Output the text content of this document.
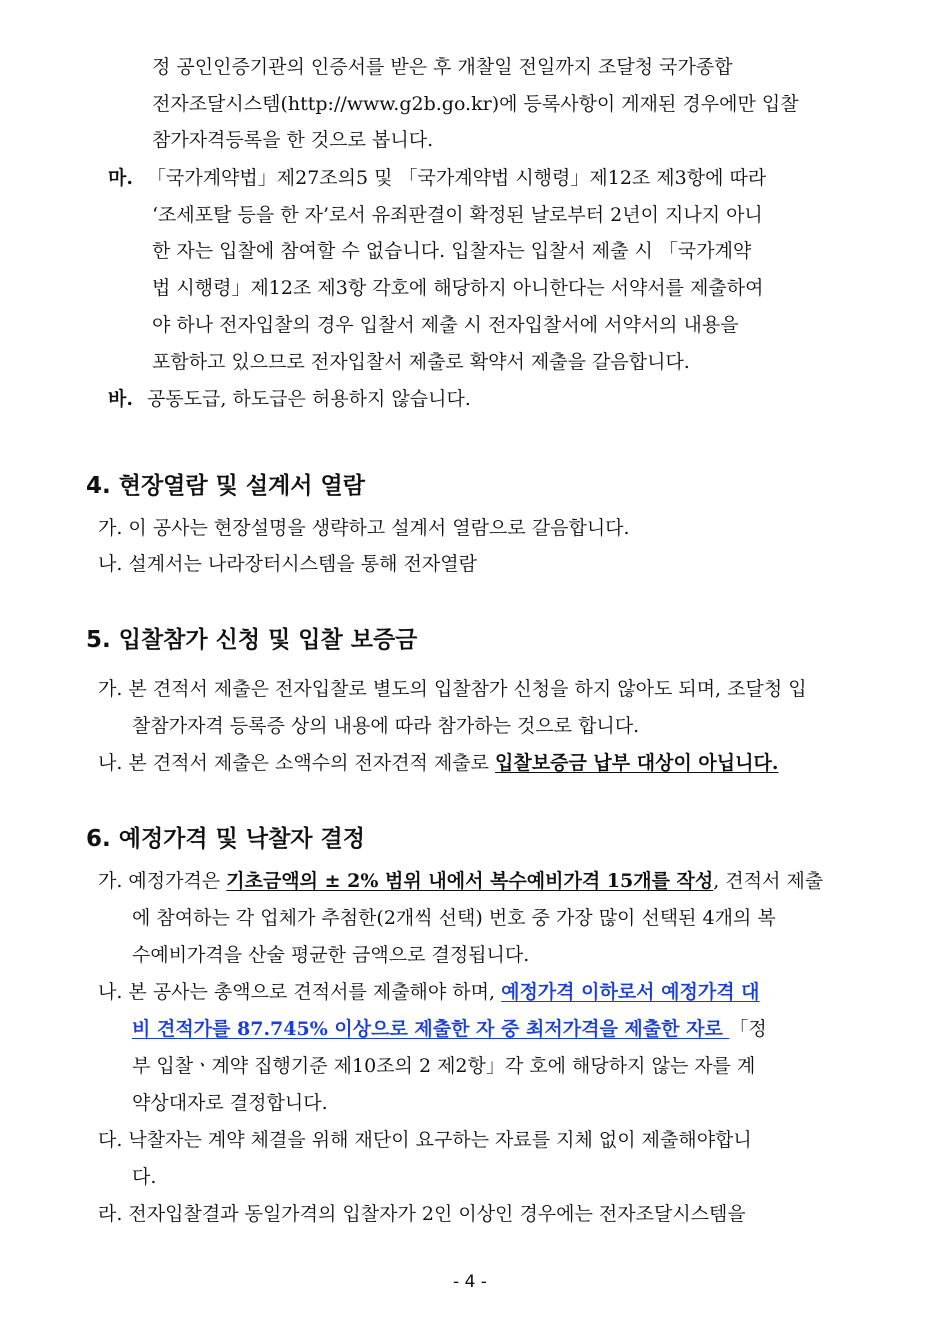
정 공인인증기관의 인증서를 받은 후 개찰일 전일까지 조달청 국가종합
전자조달시스템(http://www.g2b.go.kr)에 등록사항이 게재된 경우에만 입찰
참가자격등록을 한 것으로 봅니다.
마. 「국가계약법」제27조의5 및 「국가계약법 시행령」제12조 제3항에 따라
‘조세포탈 등을 한 자’로서 유죄판결이 확정된 날로부터 2년이 지나지 아니
한 자는 입찰에 참여할 수 없습니다. 입찰자는 입찰서 제출 시 「국가계약
법 시행령」제12조 제3항 각호에 해당하지 아니한다는 서약서를 제출하여
야 하나 전자입찰의 경우 입찰서 제출 시 전자입찰서에 서약서의 내용을
포함하고 있으므로 전자입찰서 제출로 확약서 제출을 갈음합니다.
바. 공동도급, 하도급은 허용하지 않습니다.
4. 현장열람 및 설계서 열람
가. 이 공사는 현장설명을 생략하고 설계서 열람으로 갈음합니다.
나. 설계서는 나라장터시스템을 통해 전자열람
5. 입찰참가 신청 및 입찰 보증금
가. 본 견적서 제출은 전자입찰로 별도의 입찰참가 신청을 하지 않아도 되며, 조달청 입
찰참가자격 등록증 상의 내용에 따라 참가하는 것으로 합니다.
나. 본 견적서 제출은 소액수의 전자견적 제출로 입찰보증금 납부 대상이 아닙니다.
6. 예정가격 및 낙찰자 결정
가. 예정가격은 기초금액의 ± 2% 범위 내에서 복수예비가격 15개를 작성, 견적서 제출
에 참여하는 각 업체가 추첨한(2개씩 선택) 번호 중 가장 많이 선택된 4개의 복
수예비가격을 산술 평균한 금액으로 결정됩니다.
나. 본 공사는 총액으로 견적서를 제출해야 하며, 예정가격 이하로서 예정가격 대
비 견적가를 87.745% 이상으로 제출한 자 중 최저가격을 제출한 자로 「정
부 입찰ㆍ계약 집행기준 제10조의 2 제2항」각 호에 해당하지 않는 자를 계
약상대자로 결정합니다.
다. 낙찰자는 계약 체결을 위해 재단이 요구하는 자료를 지체 없이 제출해야합니
다.
라. 전자입찰결과 동일가격의 입찰자가 2인 이상인 경우에는 전자조달시스템을
- 4 -
